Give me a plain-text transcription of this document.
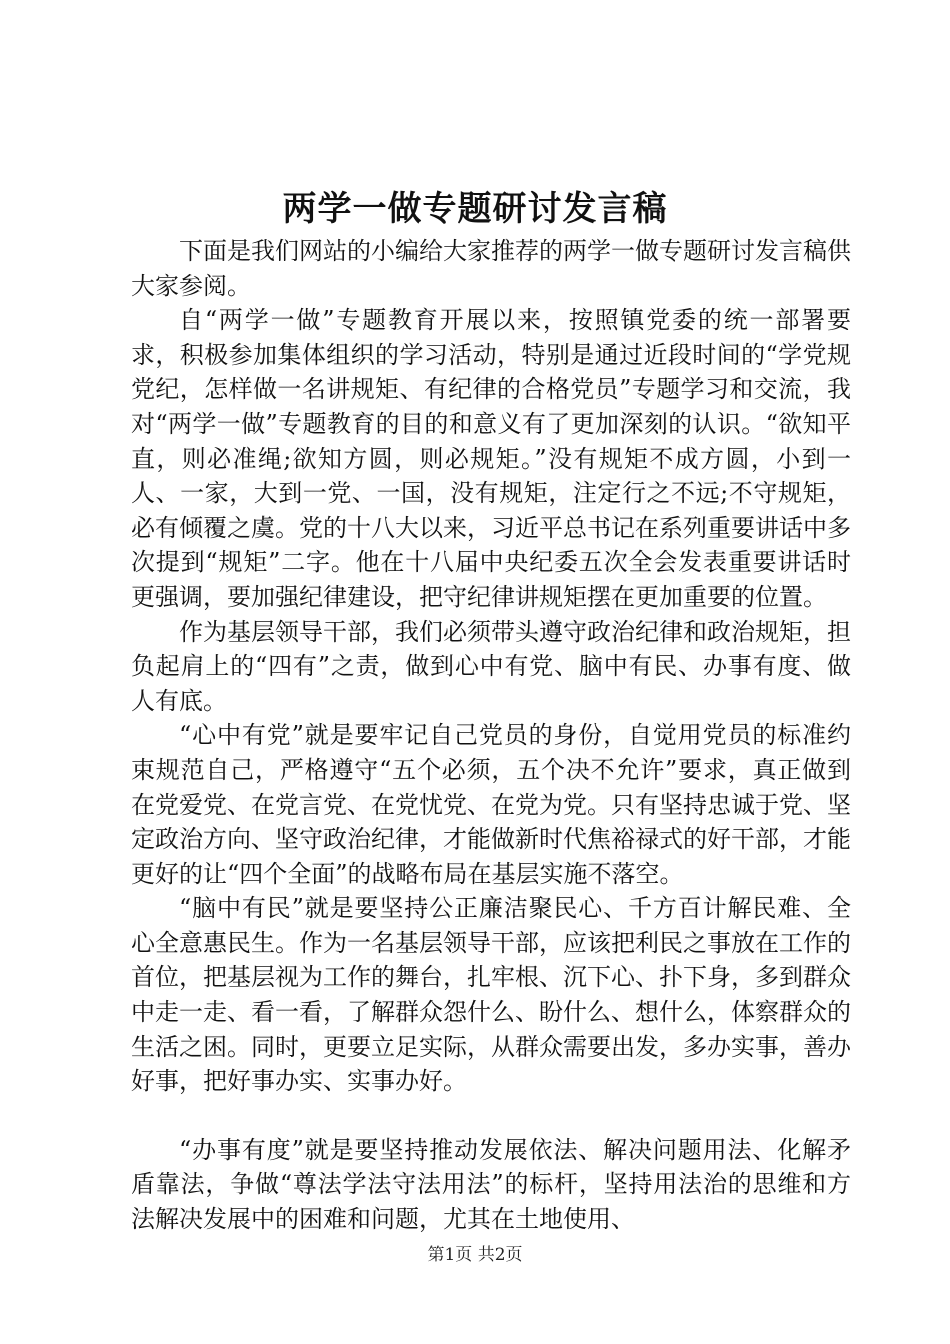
两学一做专题研讨发言稿

下面是我们网站的小编给大家推荐的两学一做专题研讨发言稿供大家参阅。

自“两学一做”专题教育开展以来，按照镇党委的统一部署要求，积极参加集体组织的学习活动，特别是通过近段时间的“学党规党纪，怎样做一名讲规矩、有纪律的合格党员”专题学习和交流，我对“两学一做”专题教育的目的和意义有了更加深刻的认识。“欲知平直，则必准绳;欲知方圆，则必规矩。”没有规矩不成方圆，小到一人、一家，大到一党、一国，没有规矩，注定行之不远;不守规矩，必有倾覆之虞。党的十八大以来，习近平总书记在系列重要讲话中多次提到“规矩”二字。他在十八届中央纪委五次全会发表重要讲话时更强调，要加强纪律建设，把守纪律讲规矩摆在更加重要的位置。

作为基层领导干部，我们必须带头遵守政治纪律和政治规矩，担负起肩上的“四有”之责，做到心中有党、脑中有民、办事有度、做人有底。

“心中有党”就是要牢记自己党员的身份，自觉用党员的标准约束规范自己，严格遵守“五个必须，五个决不允许”要求，真正做到在党爱党、在党言党、在党忧党、在党为党。只有坚持忠诚于党、坚定政治方向、坚守政治纪律，才能做新时代焦裕禄式的好干部，才能更好的让“四个全面”的战略布局在基层实施不落空。

“脑中有民”就是要坚持公正廉洁聚民心、千方百计解民难、全心全意惠民生。作为一名基层领导干部，应该把利民之事放在工作的首位，把基层视为工作的舞台，扎牢根、沉下心、扑下身，多到群众中走一走、看一看，了解群众怨什么、盼什么、想什么，体察群众的生活之困。同时，更要立足实际，从群众需要出发，多办实事，善办好事，把好事办实、实事办好。

“办事有度”就是要坚持推动发展依法、解决问题用法、化解矛盾靠法，争做“尊法学法守法用法”的标杆，坚持用法治的思维和方法解决发展中的困难和问题，尤其在土地使用、

第1页 共2页
